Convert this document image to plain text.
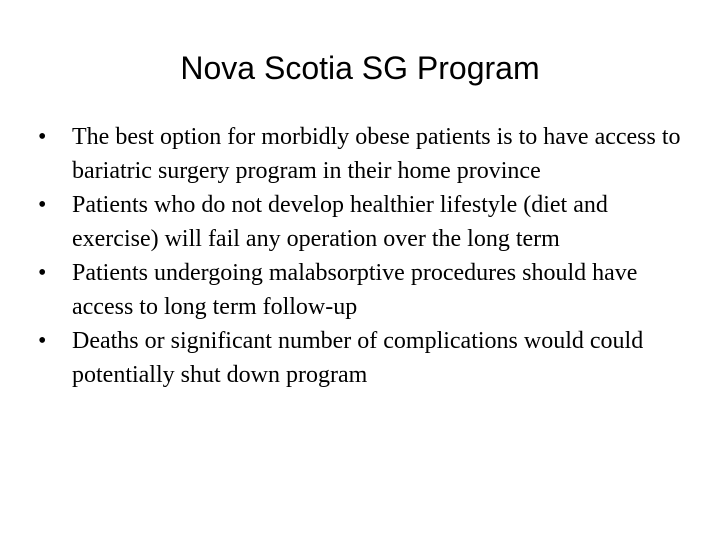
Nova Scotia SG Program
•	The best option for morbidly obese patients is to have access to bariatric surgery program in their home province
•	Patients who do not develop healthier lifestyle (diet and exercise) will fail any operation over the long term
•	Patients undergoing malabsorptive procedures should have access to long term follow-up
•	Deaths or significant number of complications would could potentially shut down program
